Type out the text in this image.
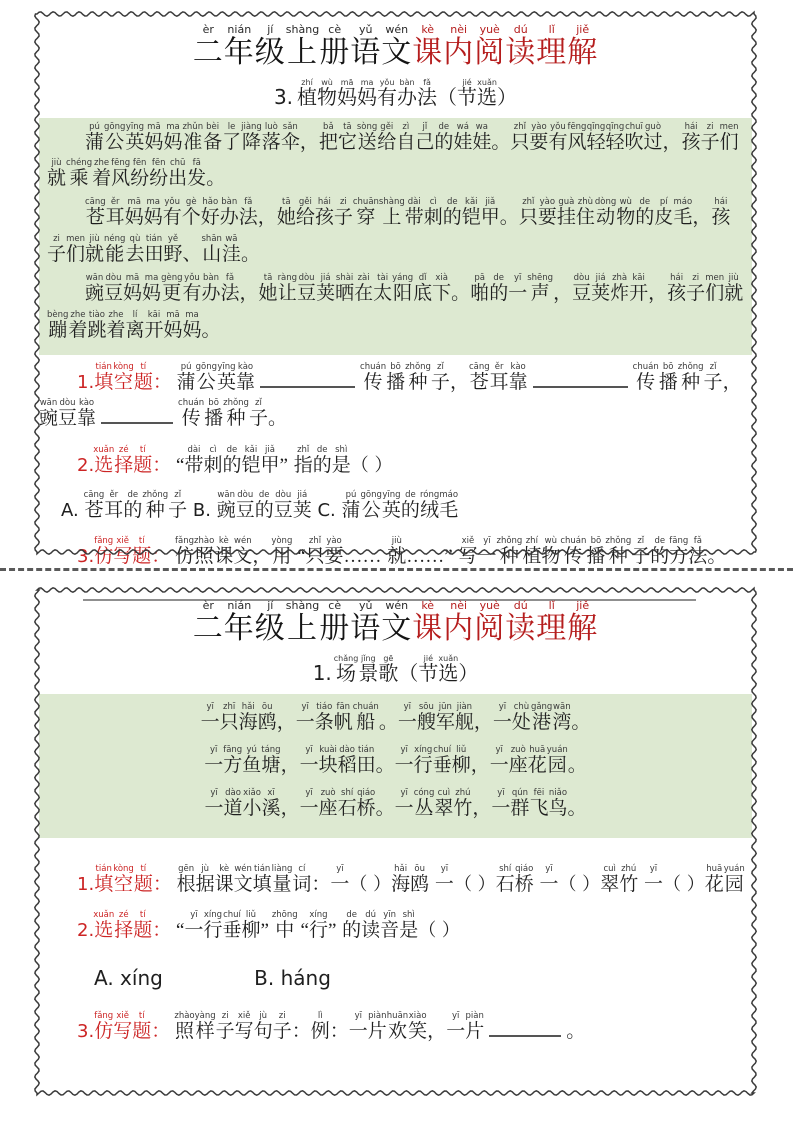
二èr年nián级jí上shàng册cè语yǔ文wén课kè内nèi阅yuè读dú理lǐ解jiě
3. 植zhí物wù妈mā妈ma有yǒu办bàn法fǎ（ 节jié选xuǎn）

蒲pú公gōng英yīng妈mā妈ma准zhǔn备bèi了le降jiàng落luò伞sǎn， 把bǎ它tā送sòng给gěi自zì己jǐ的de娃wá娃wa。 只zhǐ要yào有yǒu风fēng轻qīng轻qīng吹chuī过guò， 孩hái子zi们men就jiù乘chéng着zhe风fēng纷fēn纷fēn出chū发fā。

苍cāng耳ěr妈mā妈ma有yǒu个gè好hǎo办bàn法fǎ， 她tā给gěi孩hái子zi穿chuān上shàng带dài刺cì的de铠kǎi甲jiǎ。 只zhǐ要yào挂guà住zhù动dòng物wù的de皮pí毛máo， 孩hái子zi们men就jiù能néng去qù田tián野yě、 山shān洼wā。

豌wān豆dòu妈mā妈ma更gèng有yǒu办bàn法fǎ， 她tā让ràng豆dòu荚jiá晒shài在zài太tài阳yáng底dǐ下xià。 啪pā的de一yī声shēng， 豆dòu荚jiá炸zhà开kāi， 孩hái子zi们men就jiù蹦bèng着zhe跳tiào着zhe离lí开kāi妈mā妈ma。

1.填tián空kòng题tí： 蒲pú公gōng英yīng靠kào传chuán播bō种zhǒng子zǐ， 苍cāng耳ěr靠kào传chuán播bō种zhǒng子zǐ， 豌wān豆dòu靠kào传chuán播bō种zhǒng子zǐ。
2.选xuǎn择zé题tí： “ 带dài刺cì的de铠kǎi甲jiǎ” 指zhǐ的de是shì（ ）
A. 苍cāng耳ěr的de种zhǒng子zǐ B. 豌wān豆dòu的de豆dòu荚jiá C. 蒲pú公gōng英yīng的de绒róng毛máo
3.仿fǎng写xiě题tí： 仿fǎng照zhào课kè文wén， 用yòng “ 只zhǐ要yào… … 就jiù… … ” 写xiě一yī种zhǒng植zhí物wù传chuán播bō种zhǒng子zǐ的de方fāng法fǎ。
二èr年nián级jí上shàng册cè语yǔ文wén课kè内nèi阅yuè读dú理lǐ解jiě
1. 场chǎng景jǐng歌gē（ 节jié选xuǎn）

一yī只zhī海hǎi鸥ōu， 一yī条tiáo帆fān船chuán。 一yī艘sōu军jūn舰jiàn， 一yī处chù港gǎng湾wān。

一yī方fāng鱼yú塘táng， 一yī块kuài稻dào田tián。 一yī行xíng垂chuí柳liǔ， 一yī座zuò花huā园yuán。

一yī道dào小xiǎo溪xī， 一yī座zuò石shí桥qiáo。 一yī丛cóng翠cuì竹zhú， 一yī群qún飞fēi鸟niǎo。

1.填tián空kòng题tí： 根gēn据jù课kè文wén填tián量liàng词cí： 一yī（ ）海hǎi鸥ōu 一yī（ ）石shí桥qiáo 一yī（ ）翠cuì竹zhú 一yī（ ）花huā园yuán
2.选xuǎn择zé题tí： “ 一yī行xíng垂chuí柳liǔ” 中zhōng “ 行xíng” 的de读dú音yīn是shì（ ）
A. xíng	B. háng
3.仿fǎng写xiě题tí： 照zhào样yàng子zi写xiě句jù子zi： 例lì： 一yī片piàn欢huān笑xiào， 一yī片piàn。
